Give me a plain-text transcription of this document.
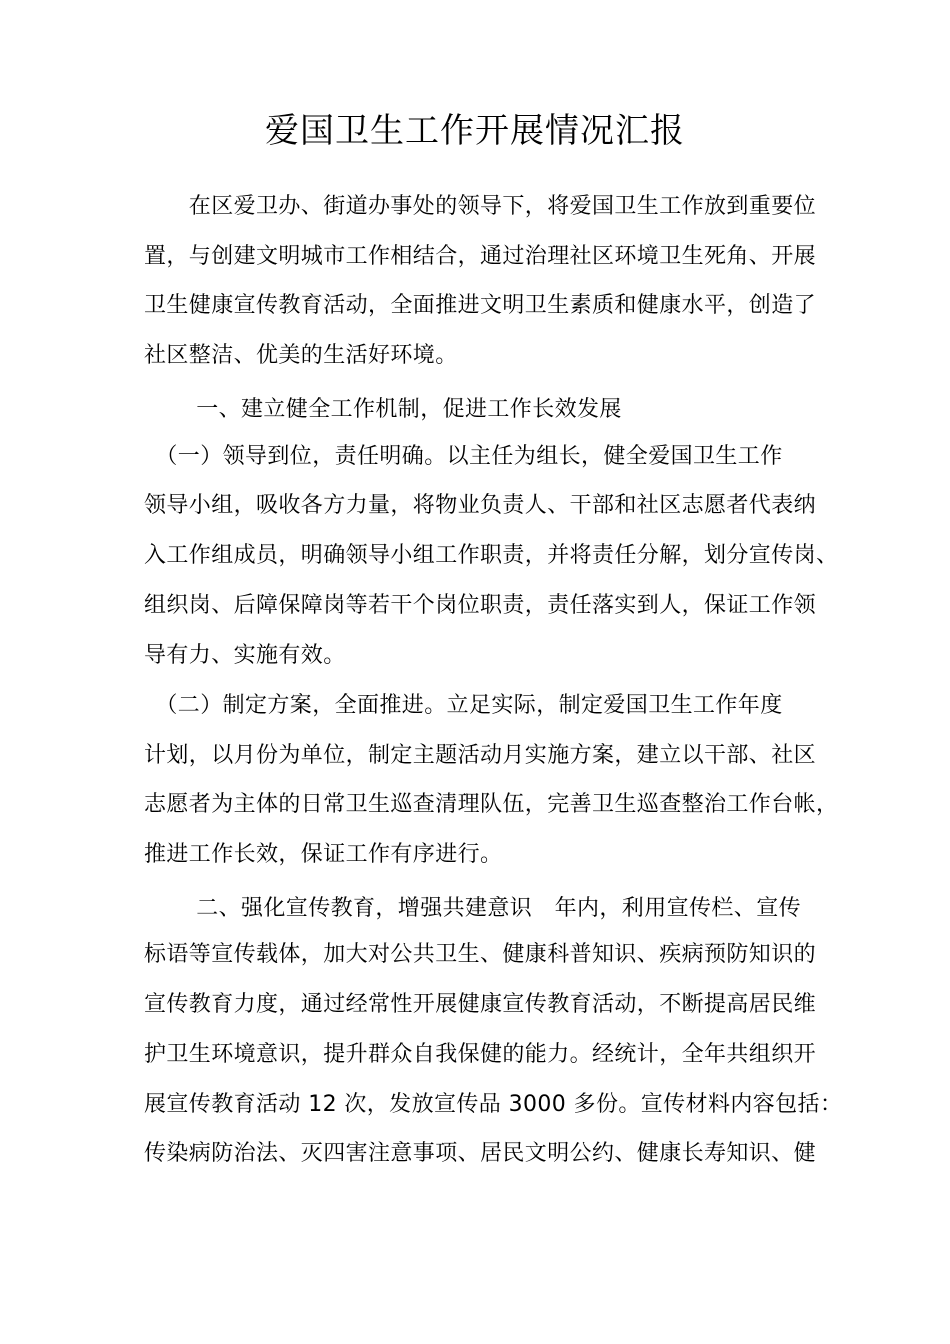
爱国卫生工作开展情况汇报

　　在区爱卫办、街道办事处的领导下，将爱国卫生工作放到重要位

置，与创建文明城市工作相结合，通过治理社区环境卫生死角、开展

卫生健康宣传教育活动，全面推进文明卫生素质和健康水平，创造了

社区整洁、优美的生活好环境。

　　 一、建立健全工作机制，促进工作长效发展

　（一）领导到位，责任明确。以主任为组长，健全爱国卫生工作

领导小组，吸收各方力量，将物业负责人、干部和社区志愿者代表纳

入工作组成员，明确领导小组工作职责，并将责任分解，划分宣传岗、

组织岗、后障保障岗等若干个岗位职责，责任落实到人，保证工作领

导有力、实施有效。

　（二）制定方案，全面推进。立足实际，制定爱国卫生工作年度

计划，以月份为单位，制定主题活动月实施方案，建立以干部、社区

志愿者为主体的日常卫生巡查清理队伍，完善卫生巡查整治工作台帐，

推进工作长效，保证工作有序进行。

　　 二、强化宣传教育，增强共建意识　年内，利用宣传栏、宣传

标语等宣传载体，加大对公共卫生、健康科普知识、疾病预防知识的

宣传教育力度，通过经常性开展健康宣传教育活动，不断提高居民维

护卫生环境意识，提升群众自我保健的能力。经统计，全年共组织开

展宣传教育活动 12 次，发放宣传品 3000 多份。宣传材料内容包括：

传染病防治法、灭四害注意事项、居民文明公约、健康长寿知识、健
